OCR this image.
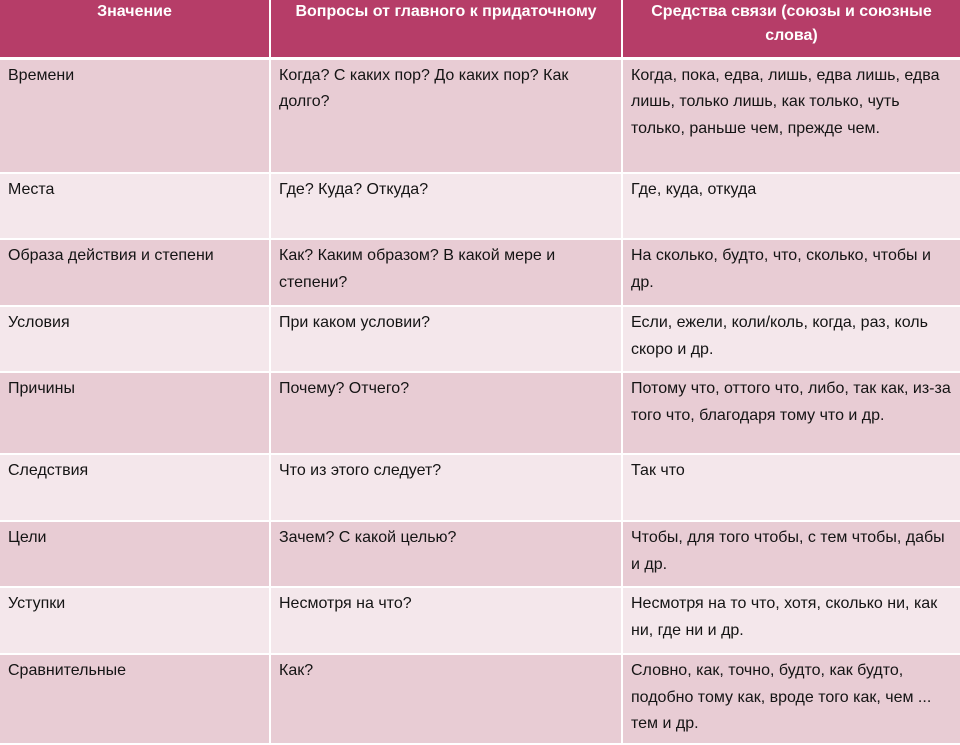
Значение	Вопросы от главного к придаточному	Средства связи (союзы и союзные слова)
Времени	Когда? С каких пор? До каких пор? Как долго?	Когда, пока, едва, лишь, едва лишь, едва лишь, только лишь, как только, чуть только, раньше чем, прежде чем.
Места	Где? Куда? Откуда?	Где, куда, откуда
Образа действия и степени	Как? Каким образом? В какой мере и степени?	На сколько, будто, что, сколько, чтобы и др.
Условия	При каком условии?	Если, ежели, коли/коль, когда, раз, коль скоро и др.
Причины	Почему? Отчего?	Потому что, оттого что, либо, так как, из-за того что, благодаря тому что и др.
Следствия	Что из этого следует?	Так что
Цели	Зачем? С какой целью?	Чтобы, для того чтобы, с тем чтобы, дабы и др.
Уступки	Несмотря на что?	Несмотря на то что, хотя, сколько ни, как ни, где ни и др.
Сравнительные	Как?	Словно, как, точно, будто, как будто, подобно тому как, вроде того как, чем ... тем и др.
